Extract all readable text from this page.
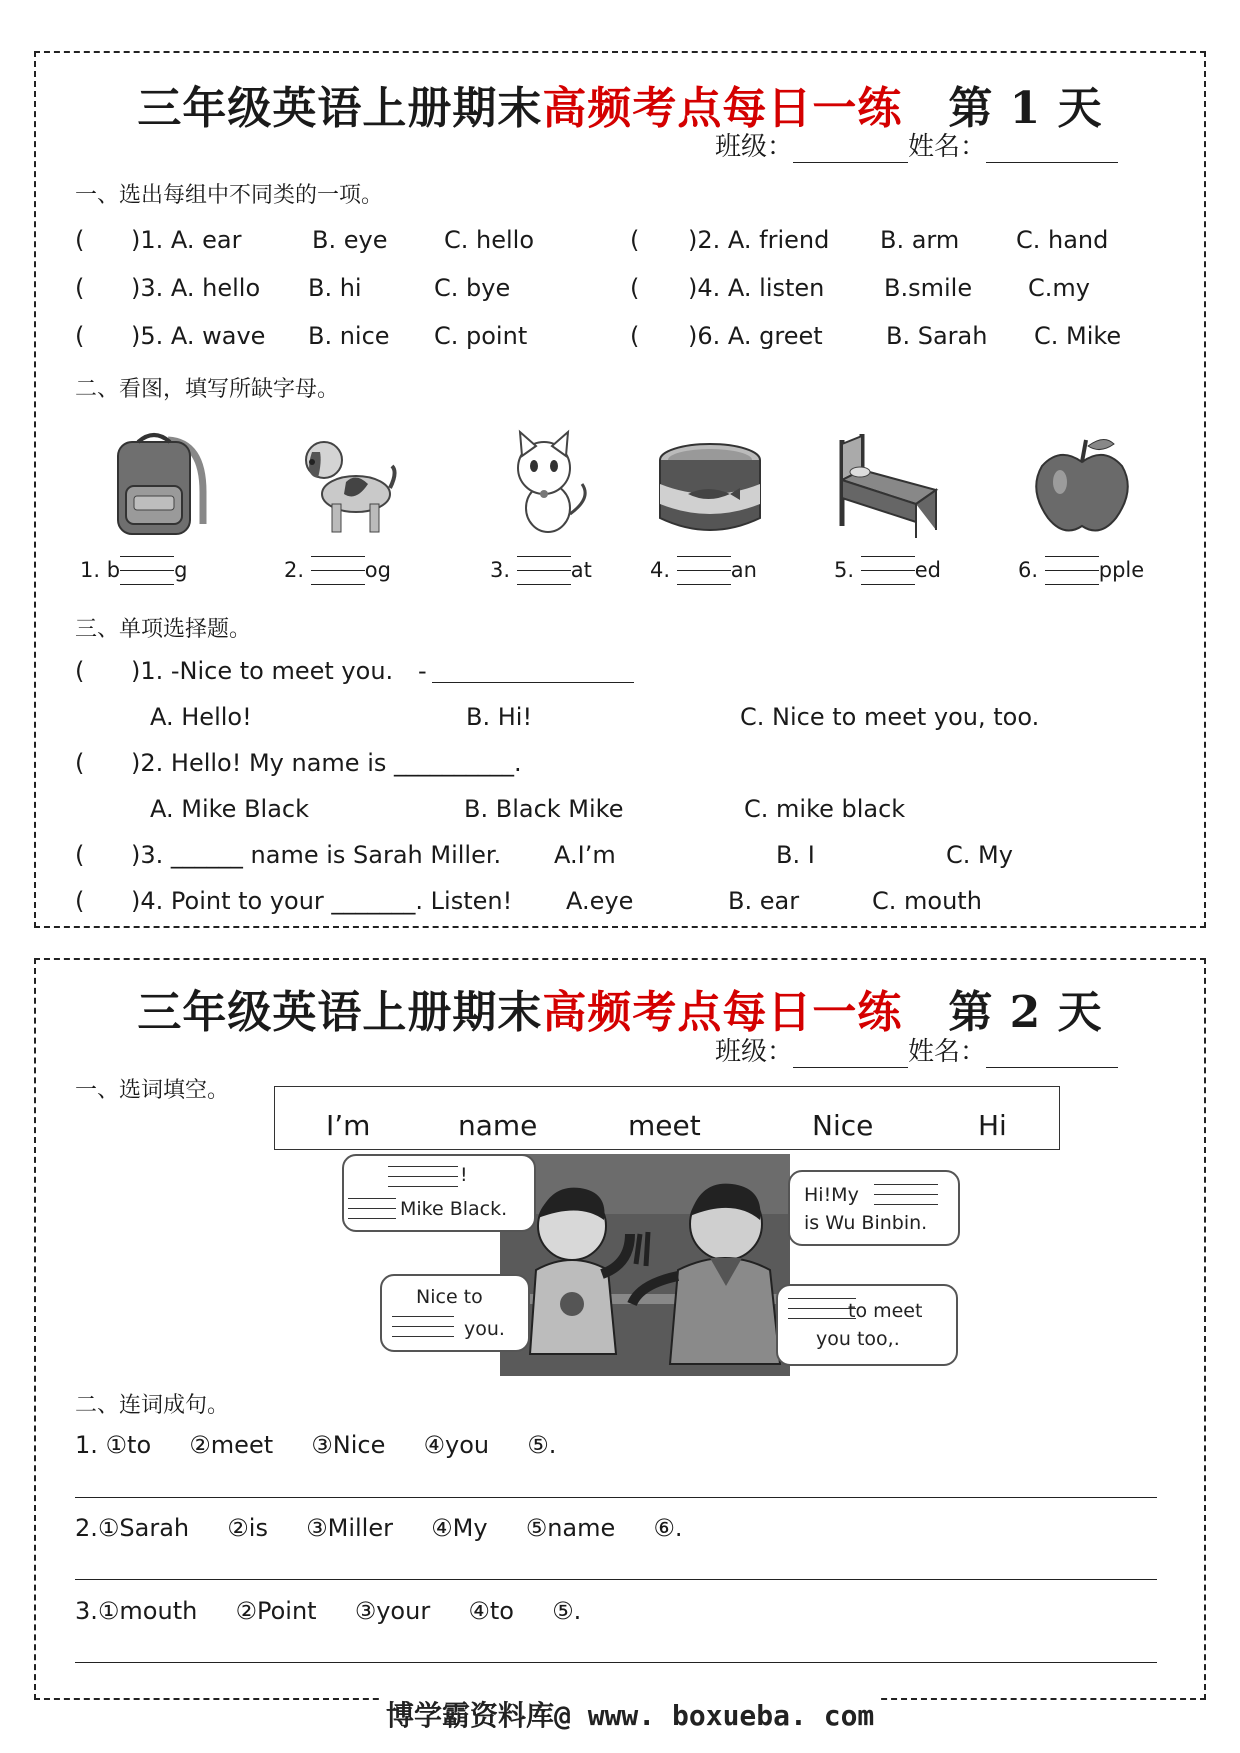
三年级英语上册期末高频考点每日一练 第 1 天
班级：	姓名：
一、选出每组中不同类的一项。
( )1. A. ear	B. eye C. hello	( )2. A. friend B. arm C. hand
( )3. A. hello B. hi	C. bye	( )4. A. listen B.smile C.my
( )5. A. wave B. nice C. point	( )6. A. greet	B. Sarah C. Mike
二、看图，填写所缺字母。
1. b	g	2.	og	3.	at	4.	an	5.	ed	6.	pple
三、单项选择题。
( )1. -Nice to meet you. -
A. Hello!	B. Hi!	C. Nice to meet you, too.
( )2. Hello! My name is __________.
A. Mike Black	B. Black Mike	C. mike black
( )3. ______ name is Sarah Miller. A.I’m	B. I	C. My
( )4. Point to your _______. Listen! A.eye	B. ear	C. mouth
三年级英语上册期末高频考点每日一练 第 2 天
班级：	姓名：
一、选词填空。
I’m	name	meet	Nice	Hi
!
Mike Black.
Hi!My
is Wu Binbin.
Nice to
you.
to meet
you too,.
二、连词成句。
1. ①to     ②meet     ③Nice     ④you     ⑤.
2.①Sarah     ②is     ③Miller     ④My     ⑤name     ⑥.
3.①mouth     ②Point     ③your     ④to     ⑤.
博学霸资料库@ www. boxueba. com
